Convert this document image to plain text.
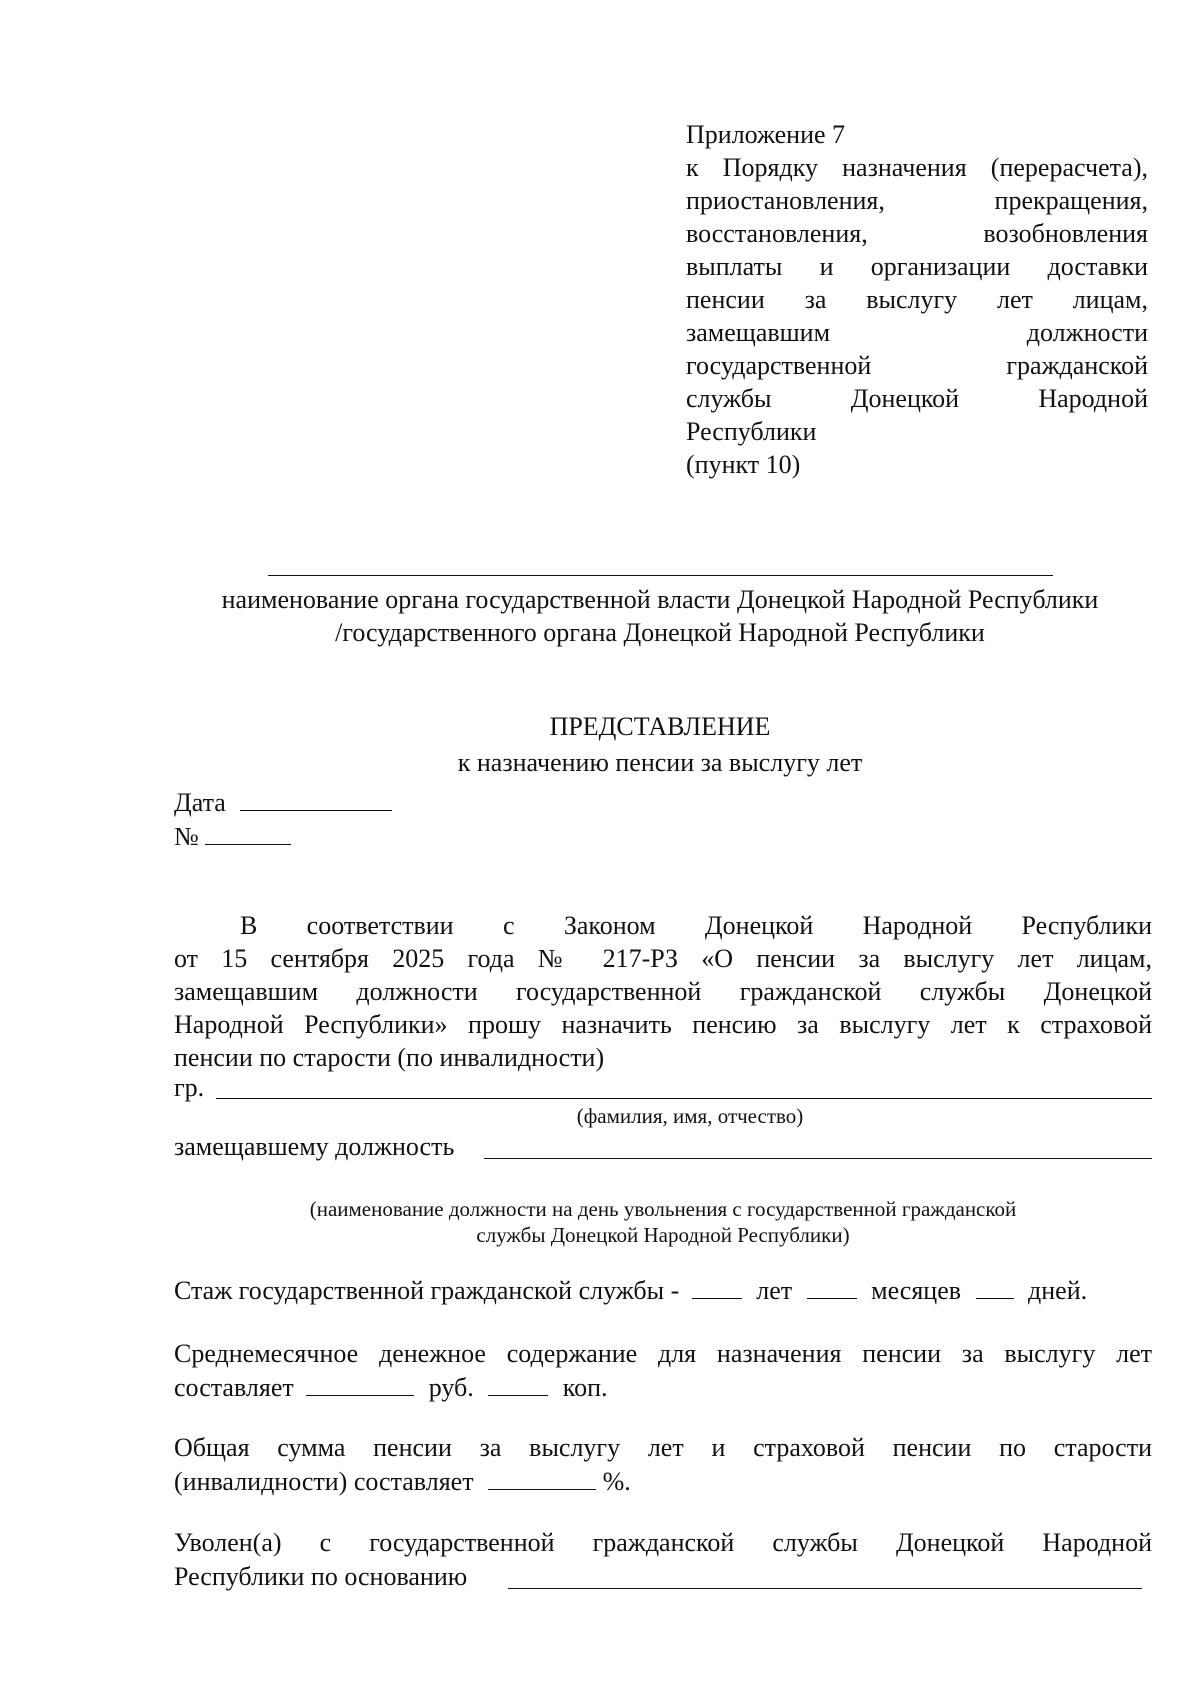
Приложение 7
к Порядку назначения (перерасчета),
приостановления, прекращения,
восстановления, возобновления
выплаты и организации доставки
пенсии за выслугу лет лицам,
замещавшим должности
государственной гражданской
службы Донецкой Народной
Республики
(пункт 10)
наименование органа государственной власти Донецкой Народной Республики
/государственного органа Донецкой Народной Республики
ПРЕДСТАВЛЕНИЕ
к назначению пенсии за выслугу лет
Дата
№
В соответствии с Законом Донецкой Народной Республики
от 15 сентября 2025 года № 217-РЗ «О пенсии за выслугу лет лицам,
замещавшим должности государственной гражданской службы Донецкой
Народной Республики» прошу назначить пенсию за выслугу лет к страховой
пенсии по старости (по инвалидности)
гр.
(фамилия, имя, отчество)
замещавшему должность
(наименование должности на день увольнения с государственной гражданской
службы Донецкой Народной Республики)
Стаж государственной гражданской службы -	лет	месяцев	дней.
Среднемесячное денежное содержание для назначения пенсии за выслугу лет
составляет	руб.	коп.
Общая сумма пенсии за выслугу лет и страховой пенсии по старости
(инвалидности) составляет	%.
Уволен(а) с государственной гражданской службы Донецкой Народной
Республики по основанию
